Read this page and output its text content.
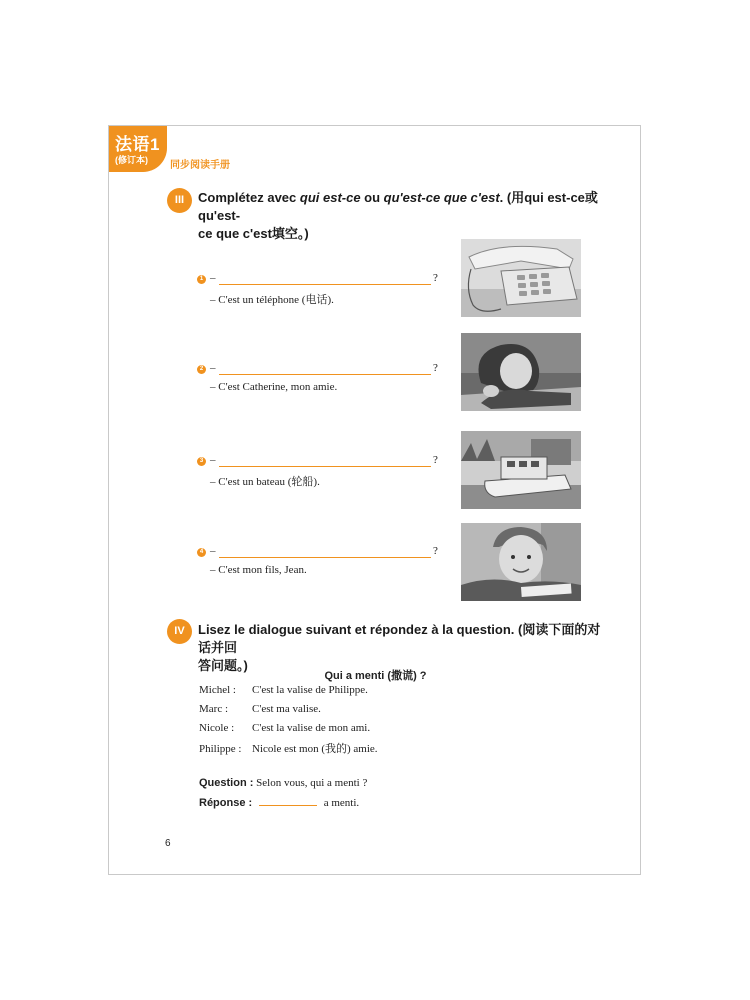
法语1
(修订本) 同步阅读手册
III	Complétez avec qui est-ce ou qu'est-ce que c'est. (用qui est-ce或qu'est-
ce que c'est填空。)
1 –	?
– C'est un téléphone (电话).
2 –	?
– C'est Catherine, mon amie.
3 –	?
– C'est un bateau (轮船).
4 –	?
– C'est mon fils, Jean.
IV	Lisez le dialogue suivant et répondez à la question. (阅读下面的对话并回
答问题。)
Qui a menti (撒谎) ?
Michel : C'est la valise de Philippe.
Marc : C'est ma valise.
Nicole : C'est la valise de mon ami.
Philippe : Nicole est mon (我的) amie.
Question : Selon vous, qui a menti ?
Réponse :	a menti.
6
